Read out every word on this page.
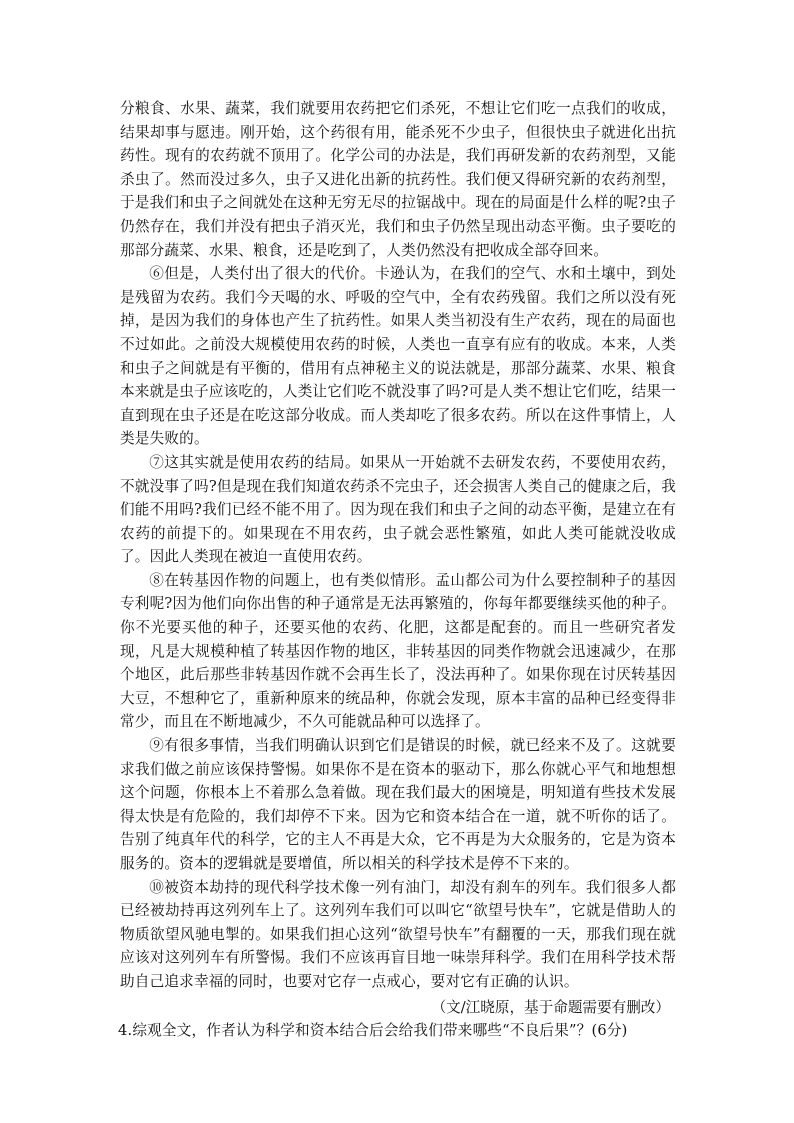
分粮食、水果、蔬菜，我们就要用农药把它们杀死，不想让它们吃一点我们的收成，结果却事与愿违。刚开始，这个药很有用，能杀死不少虫子，但很快虫子就进化出抗药性。现有的农药就不顶用了。化学公司的办法是，我们再研发新的农药剂型，又能杀虫了。然而没过多久，虫子又进化出新的抗药性。我们便又得研究新的农药剂型，于是我们和虫子之间就处在这种无穷无尽的拉锯战中。现在的局面是什么样的呢?虫子仍然存在，我们并没有把虫子消灭光，我们和虫子仍然呈现出动态平衡。虫子要吃的那部分蔬菜、水果、粮食，还是吃到了，人类仍然没有把收成全部夺回来。

⑥但是，人类付出了很大的代价。卡逊认为，在我们的空气、水和土壤中，到处是残留为农药。我们今天喝的水、呼吸的空气中，全有农药残留。我们之所以没有死掉，是因为我们的身体也产生了抗药性。如果人类当初没有生产农药，现在的局面也不过如此。之前没大规模使用农药的时候，人类也一直享有应有的收成。本来，人类和虫子之间就是有平衡的，借用有点神秘主义的说法就是，那部分蔬菜、水果、粮食本来就是虫子应该吃的，人类让它们吃不就没事了吗?可是人类不想让它们吃，结果一直到现在虫子还是在吃这部分收成。而人类却吃了很多农药。所以在这件事情上，人类是失败的。

⑦这其实就是使用农药的结局。如果从一开始就不去研发农药，不要使用农药，不就没事了吗?但是现在我们知道农药杀不完虫子，还会损害人类自己的健康之后，我们能不用吗?我们已经不能不用了。因为现在我们和虫子之间的动态平衡，是建立在有农药的前提下的。如果现在不用农药，虫子就会恶性繁殖，如此人类可能就没收成了。因此人类现在被迫一直使用农药。

⑧在转基因作物的问题上，也有类似情形。孟山都公司为什么要控制种子的基因专利呢?因为他们向你出售的种子通常是无法再繁殖的，你每年都要继续买他的种子。你不光要买他的种子，还要买他的农药、化肥，这都是配套的。而且一些研究者发现，凡是大规模种植了转基因作物的地区，非转基因的同类作物就会迅速减少，在那个地区，此后那些非转基因作就不会再生长了，没法再种了。如果你现在讨厌转基因大豆，不想种它了，重新种原来的统品种，你就会发现，原本丰富的品种已经变得非常少，而且在不断地减少，不久可能就品种可以选择了。

⑨有很多事情，当我们明确认识到它们是错误的时候，就已经来不及了。这就要求我们做之前应该保持警惕。如果你不是在资本的驱动下，那么你就心平气和地想想这个问题，你根本上不着那么急着做。现在我们最大的困境是，明知道有些技术发展得太快是有危险的，我们却停不下来。因为它和资本结合在一道，就不听你的话了。告别了纯真年代的科学，它的主人不再是大众，它不再是为大众服务的，它是为资本服务的。资本的逻辑就是要增值，所以相关的科学技术是停不下来的。

⑩被资本劫持的现代科学技术像一列有油门，却没有刹车的列车。我们很多人都已经被劫持再这列列车上了。这列列车我们可以叫它“欲望号快车”，它就是借助人的物质欲望风驰电掣的。如果我们担心这列“欲望号快车”有翻覆的一天，那我们现在就应该对这列列车有所警惕。我们不应该再盲目地一味崇拜科学。我们在用科学技术帮助自己追求幸福的同时，也要对它存一点戒心，要对它有正确的认识。

（文/江晓原，基于命题需要有删改）

4.综观全文，作者认为科学和资本结合后会给我们带来哪些“不良后果”？(6分)
